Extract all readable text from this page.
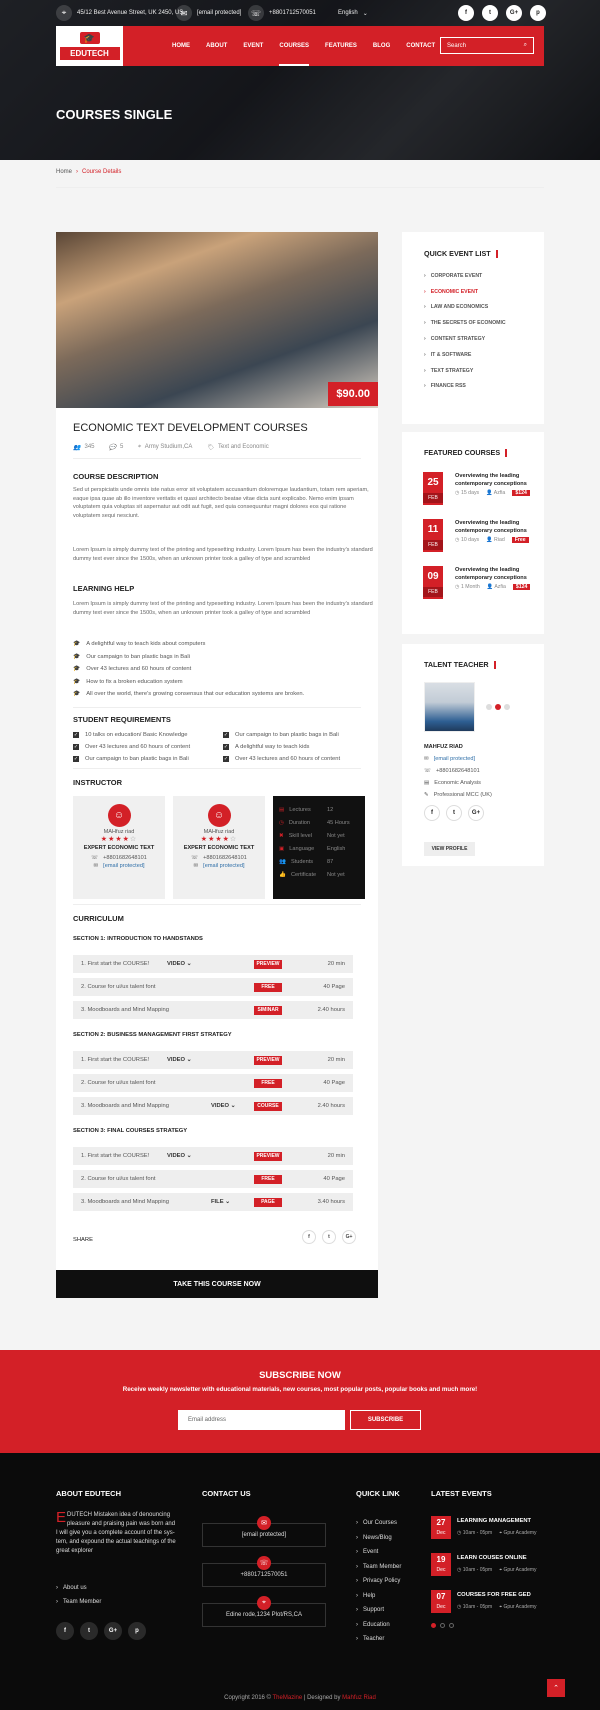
⌖	45/12 Best Avenue Street, UK 2450, US
✉	[email protected]	☏	+8801712570051	English ⌄	f	t	G+	p
🎓
EDUTECH
HOME	ABOUT	EVENT	COURSES	FEATURES	BLOG	CONTACT Search	⌕
COURSES SINGLE
Home › Course Details
$90.00
ECONOMIC TEXT DEVELOPMENT COURSES
👥 345 💬 5 ⌖ Army Studium,CA 🏷 Text and Economic
COURSE DESCRIPTION
Sed ut perspiciatis unde omnis iste natus error sit voluptatem accusantium doloremque laudantium, totam rem aperiam, eaque ipsa quae ab illo inventore veritatis et quasi architecto beatae vitae dicta sunt explicabo. Nemo enim ipsam voluptatem quia voluptas sit aspernatur aut odit aut fugit, sed quia consequuntur magni dolores eos qui ratione voluptatem sequi nesciunt.
Lorem Ipsum is simply dummy text of the printing and typesetting industry. Lorem Ipsum has been the industry's standard dummy text ever since the 1500s, when an unknown printer took a galley of type and scrambled
LEARNING HELP
Lorem Ipsum is simply dummy text of the printing and typesetting industry. Lorem Ipsum has been the industry's standard dummy text ever since the 1500s, when an unknown printer took a galley of type and scrambled
🎓 A delightful way to teach kids about computers
🎓 Our campaign to ban plastic bags in Bali
🎓 Over 43 lectures and 60 hours of content
🎓 How to fix a broken education system
🎓 All over the world, there's growing consensus that our education systems are broken.
STUDENT REQUIREMENTS
✓ 10 talks on education/ Basic Knowledge	✓ Our campaign to ban plastic bags in Bali
✓ Over 43 lectures and 60 hours of content	✓ A delightful way to teach kids
✓ Our campaign to ban plastic bags in Bali	✓ Over 43 lectures and 60 hours of content
INSTRUCTOR
☺
MAHfuz riad
★★★★☆
EXPERT ECONOMIC TEXT
☏ +8801682648101
✉ [email protected]
☺
MAHfuz riad
★★★★☆
EXPERT ECONOMIC TEXT
☏ +8801682648101
✉ [email protected]
▤ Lectures	12
◷ Duration	45 Hours
✖ Skill level	Not yet
▣ Language English
👥 Students 87
👍 Certificate Not yet
CURRICULUM
SECTION 1: INTRODUCTION TO HANDSTANDS
1. First start the COURSE!	VIDEO ⌄	PREVIEW	20 min
2. Course for ui/ux talent font	FREE	40 Page
3. Moodboards and Mind Mapping	SIMINAR	2.40 hours
SECTION 2: BUSINESS MANAGEMENT FIRST STRATEGY
1. First start the COURSE!	VIDEO ⌄	PREVIEW	20 min
2. Course for ui/ux talent font	FREE	40 Page
3. Moodboards and Mind Mapping	VIDEO ⌄	COURSE	2.40 hours
SECTION 3: FINAL COURSES STRATEGY
1. First start the COURSE!	VIDEO ⌄	PREVIEW	20 min
2. Course for ui/ux talent font	FREE	40 Page
3. Moodboards and Mind Mapping	FILE ⌄	PAGE	3.40 hours
SHARE	f	t	G+
TAKE THIS COURSE NOW
QUICK EVENT LIST
› CORPORATE EVENT
› ECONOMIC EVENT
› LAW AND ECONOMICS
› THE SECRETS OF ECONOMIC
› CONTENT STRATEGY
› IT & SOFTWARE
› TEXT STRATEGY
› FINANCE RSS
FEATURED COURSES
25
FEB
Overviewing the leading contemporary conceptions
◷ 15 days 👤 Azfia	$124
11
FEB
Overviewing the leading contemporary conceptions
◷ 10 days 👤 Riad	Free
09
FEB
Overviewing the leading contemporary conceptions
◷ 1 Month 👤 Azfia	$124
TALENT TEACHER
MAHFUZ RIAD
✉ [email protected]
☏ +8801682648101
▤ Economic Analysis
✎ Professional MCC (UK)
f	t	G+
VIEW PROFILE
SUBSCRIBE NOW

Receive weekly newsletter with educational materials, new courses, most popular posts, popular books and much more!

Email address	SUBSCRIBE
ABOUT EDUTECH
EDUTECH Mistaken idea of denouncing pleasure and praising pain was born and I will give you a complete account of the sys-tem, and expound the actual teachings of the great explorer
› About us
› Team Member
f	t	G+	p
CONTACT US
[email protected]
✉
+8801712570051
☏
Edine rode,1234 Plot/RS,CA
⌖
QUICK LINK
› Our Courses
› News/Blog
› Event
› Team Member
› Privacy Policy
› Help
› Support
› Education
› Teacher
LATEST EVENTS
27
Dec
LEARNING MANAGEMENT
◷ 10am - 05pm ⌖ Gpur Academy
19
Dec
LEARN COUSES ONLINE
◷ 10am - 05pm ⌖ Gpur Academy
07
Dec
COURSES FOR FREE GED
◷ 10am - 05pm ⌖ Gpur Academy
⌃
Copyright 2016 © TheMazine | Designed by Mahfuz Riad
